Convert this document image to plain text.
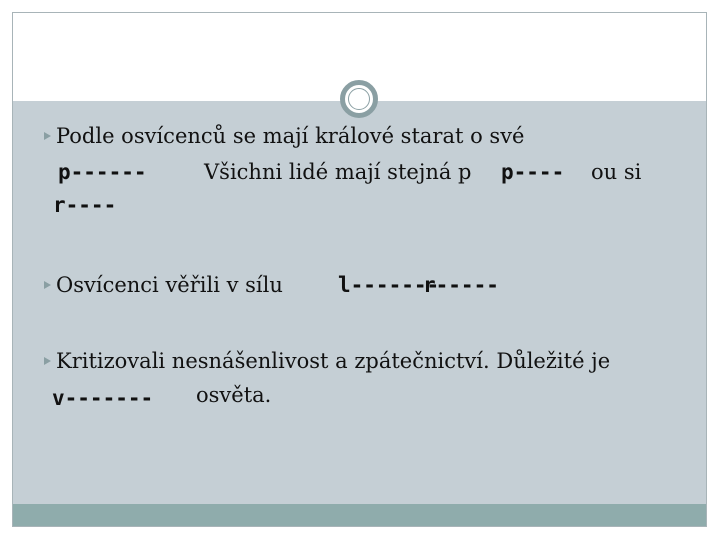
Podle osvícenců se mají králové starat o své
p------	Všichni lidé mají stejná p p---- ou si
r----
Osvícenci věřili v sílu	l-------
r-----
Kritizovali nesnášenlivost a zpátečnictví. Důležité je
v------- osvěta.
